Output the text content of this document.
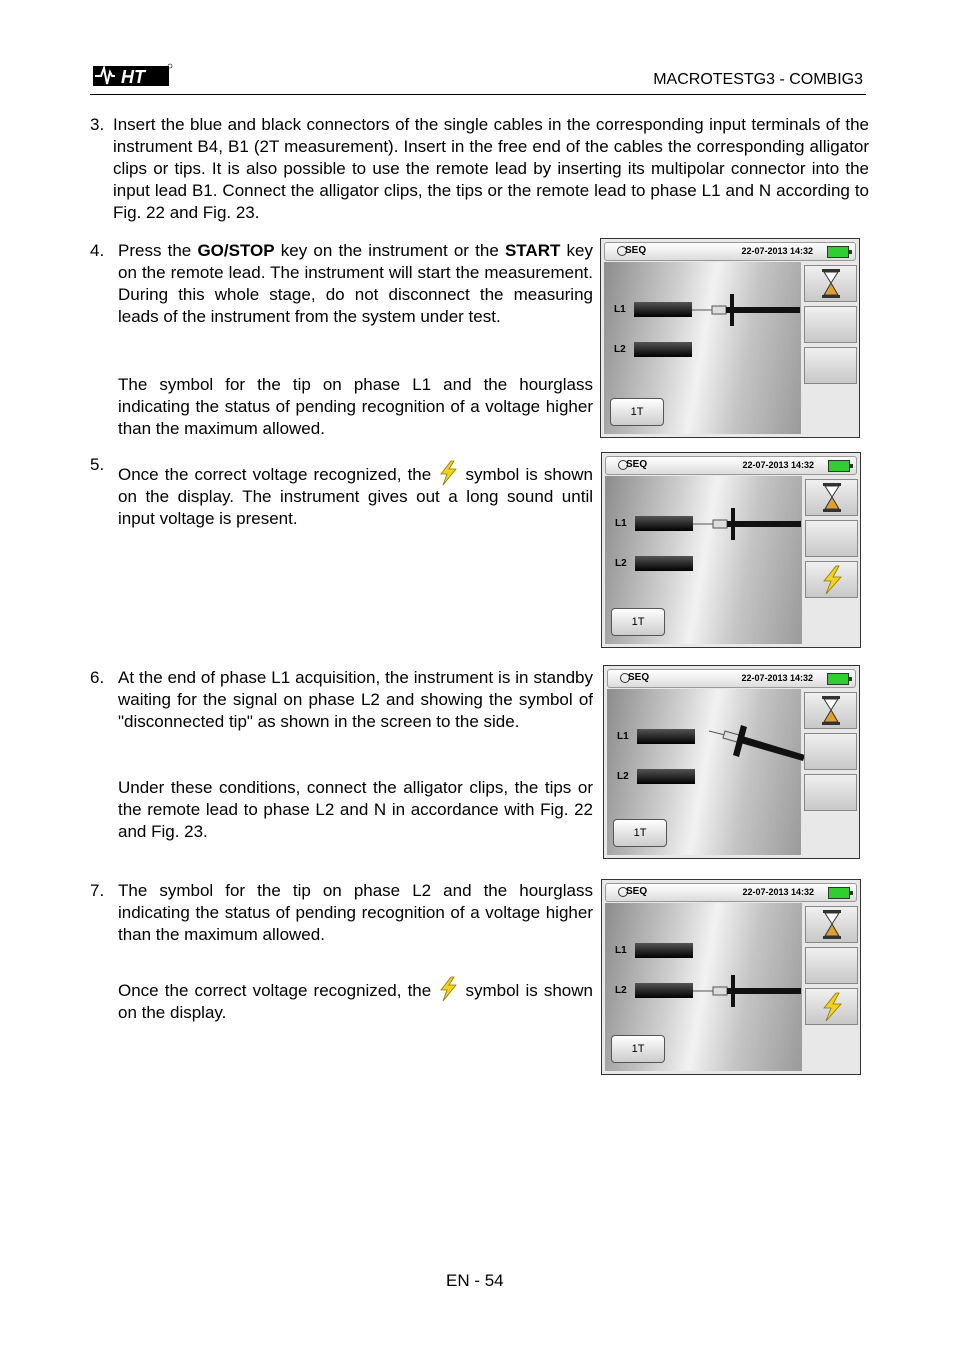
HT	MACROTESTG3 - COMBIG3
3. Insert the blue and black connectors of the single cables in the corresponding input terminals of the instrument B4, B1 (2T measurement). Insert in the free end of the cables the corresponding alligator clips or tips. It is also possible to use the remote lead by inserting its multipolar connector into the input lead B1. Connect the alligator clips, the tips or the remote lead to phase L1 and N according to Fig. 22 and Fig. 23.
4. Press the GO/STOP key on the instrument or the START key on the remote lead. The instrument will start the measurement. During this whole stage, do not disconnect the measuring leads of the instrument from the system under test.
The symbol for the tip on phase L1 and the hourglass indicating the status of pending recognition of a voltage higher than the maximum allowed.
5.
Once the correct voltage recognized, the  symbol is shown on the display. The instrument gives out a long sound until input voltage is present.
6. At the end of phase L1 acquisition, the instrument is in standby waiting for the signal on phase L2 and showing the symbol of "disconnected tip" as shown in the screen to the side.
Under these conditions, connect the alligator clips, the tips or the remote lead to phase L2 and N in accordance with Fig. 22 and Fig. 23.
7. The symbol for the tip on phase L2 and the hourglass indicating the status of pending recognition of a voltage higher than the maximum allowed.
Once the correct voltage recognized, the  symbol is shown on the display.
SEQ	22-07-2013 14:32
L1
L2
1T
SEQ	22-07-2013 14:32
L1
L2
1T
SEQ	22-07-2013 14:32
L1
L2
1T
SEQ	22-07-2013 14:32
L1
L2
1T
EN - 54
